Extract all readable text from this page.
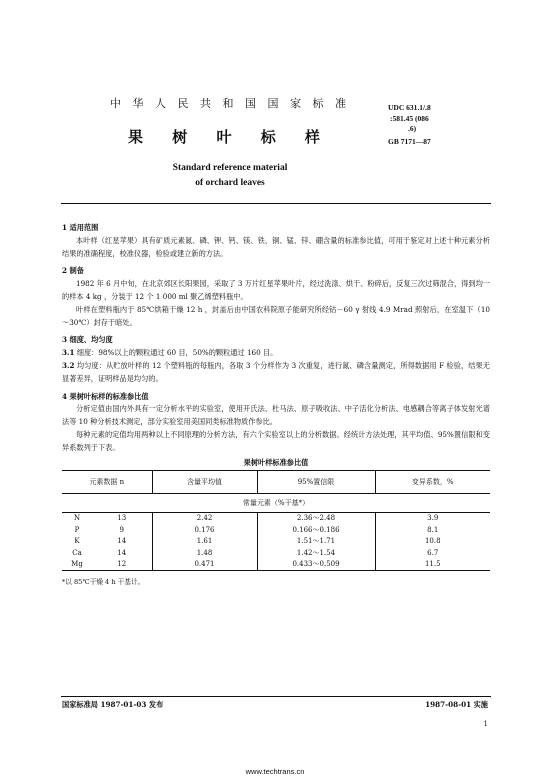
中 华 人 民 共 和 国 国 家 标 准
果 树 叶 标 样
Standard reference material
of orchard leaves
UDC 631.1/.8
:581.45 (086
.6)
GB 7171—87
1 适用范围
本叶样（红星苹果）具有矿质元素氮、磷、钾、钙、镁、铁、铜、锰、锌、硼含量的标准参比值，可用于鉴定对上述十种元素分析结果的准确程度，校准仪器，检验或建立新的方法。
2 制备
1982 年 6 月中旬，在北京郊区长阳果园，采取了 3 万片红星苹果叶片，经过洗涤、烘干、粉碎后，反复三次过筛混合，得到均一的样本 4 kg ，分装于 12 个 1 000 ml 聚乙烯塑料瓶中。
叶样在塑料瓶内于 85℃烘箱干燥 12 h ，封盖后由中国农科院原子能研究所经钴－60 γ 射线 4.9 Mrad 照射后，在室温下（10～30℃）封存于暗处。
3 细度、均匀度
3.1 细度：98%以上的颗粒通过 60 目，50%的颗粒通过 160 目。
3.2 均匀度：从贮放叶样的 12 个塑料瓶的每瓶内，各取 3 个分样作为 3 次重复，进行氮、磷含量测定，所得数据用 F 检验，结果无显著差异，证明样品是均匀的。
4 果树叶标样的标准参比值
分析定值由国内外具有一定分析水平的实验室，使用开氏法、杜马法、原子吸收法、中子活化分析法、电感耦合等离子体发射光谱法等 10 种分析技术测定，部分实验室用美国同类标准物质作参比。
每种元素的定值均用两种以上不同原理的分析方法，有六个实验室以上的分析数据。经统计方法处理，其平均值、95%置信限和变异系数列于下表。
果树叶样标准参比值
元素数据 n		含量平均值	95%置信限	变异系数，%
常量元素（%干基*）				
N	13	2.42	2.36～2.48	3.9
P	9	0.176	0.166～0.186	8.1
K	14	1.61	1.51～1.71	10.8
Ca	14	1.48	1.42～1.54	6.7
Mg	12	0.471	0.433～0.509	11.5
*以 85℃干燥 4 h 干基计。
国家标准局 1987-01-03 发布	1987-08-01 实施
1
www.techtrans.cn
